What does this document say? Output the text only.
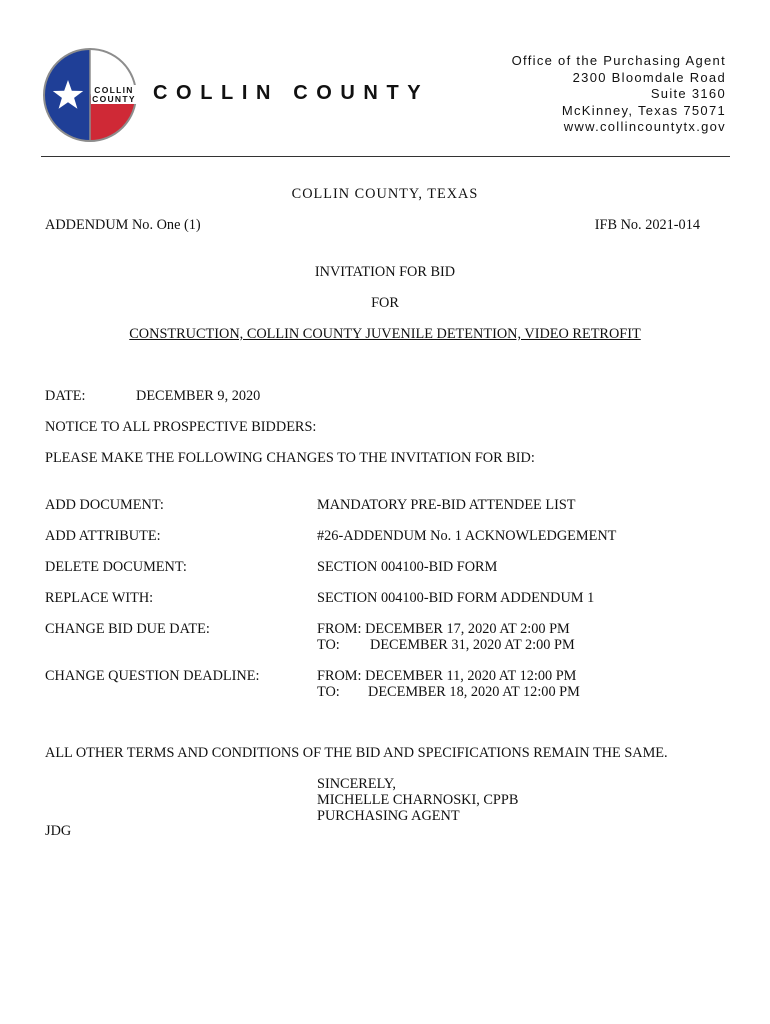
COLLIN
COUNTY COLLIN COUNTY
Office of the Purchasing Agent
2300 Bloomdale Road
Suite 3160
McKinney, Texas 75071
www.collincountytx.gov
COLLIN COUNTY, TEXAS
ADDENDUM No. One (1)	IFB No. 2021-014
INVITATION FOR BID
FOR
CONSTRUCTION, COLLIN COUNTY JUVENILE DETENTION, VIDEO RETROFIT
DATE:	DECEMBER 9, 2020
NOTICE TO ALL PROSPECTIVE BIDDERS:
PLEASE MAKE THE FOLLOWING CHANGES TO THE INVITATION FOR BID:
ADD DOCUMENT:	MANDATORY PRE-BID ATTENDEE LIST
ADD ATTRIBUTE:	#26-ADDENDUM No. 1 ACKNOWLEDGEMENT
DELETE DOCUMENT:	SECTION 004100-BID FORM
REPLACE WITH:	SECTION 004100-BID FORM ADDENDUM 1
CHANGE BID DUE DATE:	FROM: DECEMBER 17, 2020 AT 2:00 PM
TO: DECEMBER 31, 2020 AT 2:00 PM
CHANGE QUESTION DEADLINE:	FROM: DECEMBER 11, 2020 AT 12:00 PM
TO: DECEMBER 18, 2020 AT 12:00 PM
ALL OTHER TERMS AND CONDITIONS OF THE BID AND SPECIFICATIONS REMAIN THE SAME.
SINCERELY,
MICHELLE CHARNOSKI, CPPB
PURCHASING AGENT
JDG
